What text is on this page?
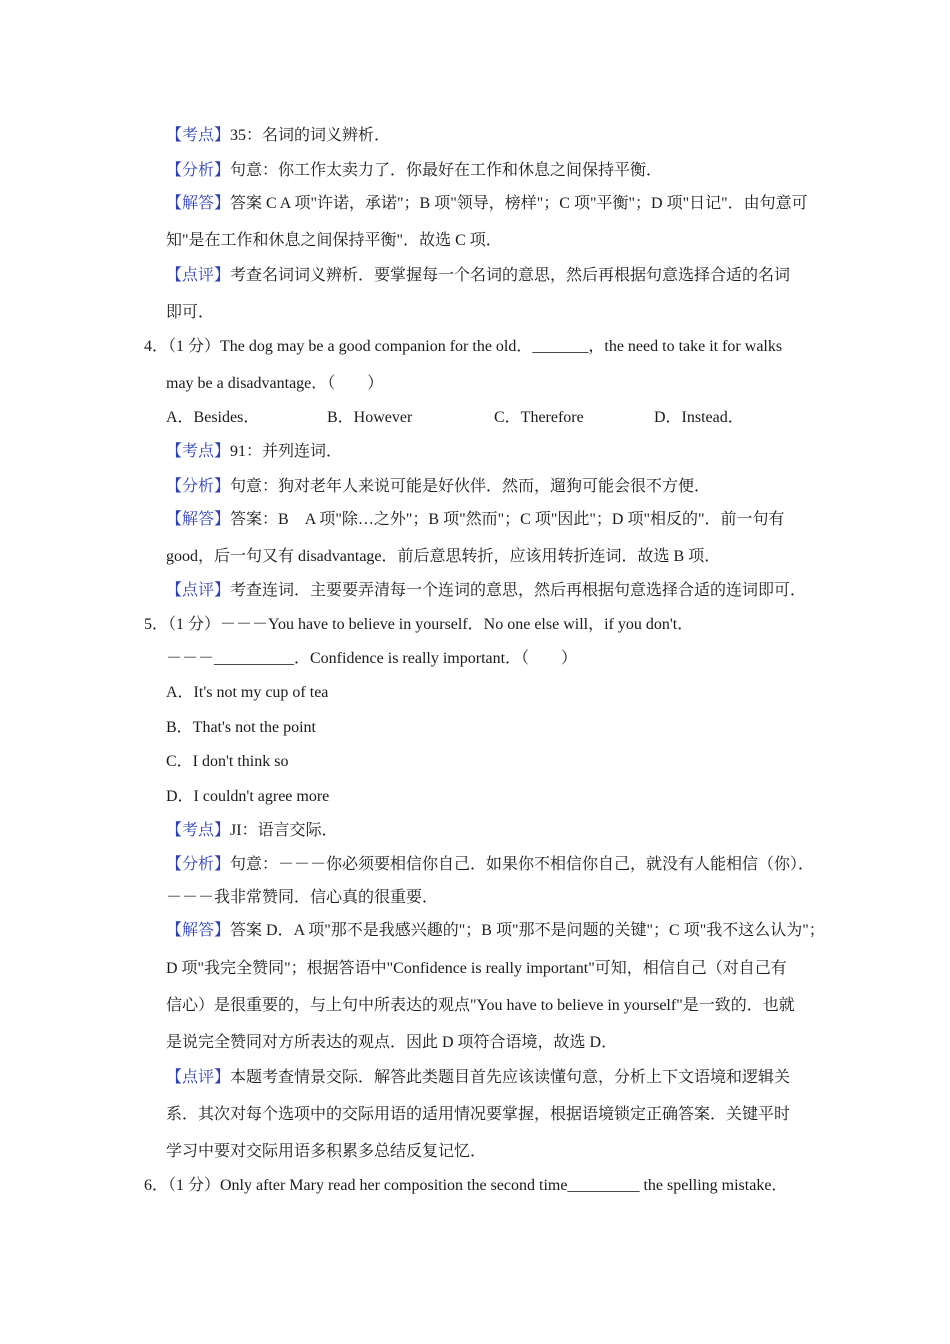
【考点】35：名词的词义辨析．
【分析】句意：你工作太卖力了．你最好在工作和休息之间保持平衡．
【解答】答案 C A 项"许诺，承诺"；B 项"领导，榜样"；C 项"平衡"；D 项"日记"．由句意可
知"是在工作和休息之间保持平衡"．故选 C 项．
【点评】考查名词词义辨析．要掌握每一个名词的意思，然后再根据句意选择合适的名词
即可．
4．（1 分）The dog may be a good companion for the old．_______，the need to take it for walks
may be a disadvantage．（　　）
A．Besides．	B．However	C．Therefore	D．Instead．
【考点】91：并列连词．
【分析】句意：狗对老年人来说可能是好伙伴．然而，遛狗可能会很不方便．
【解答】答案：B　A 项"除…之外"；B 项"然而"；C 项"因此"；D 项"相反的"．前一句有
good，后一句又有 disadvantage．前后意思转折，应该用转折连词．故选 B 项．
【点评】考查连词．主要要弄清每一个连词的意思，然后再根据句意选择合适的连词即可．
5．（1 分）－－－You have to believe in yourself．No one else will，if you don't．
－－－__________．Confidence is really important．（　　）
A．It's not my cup of tea
B．That's not the point
C．I don't think so
D．I couldn't agree more
【考点】JI：语言交际．
【分析】句意：－－－你必须要相信你自己．如果你不相信你自己，就没有人能相信（你）．
－－－我非常赞同．信心真的很重要．
【解答】答案 D．A 项"那不是我感兴趣的"；B 项"那不是问题的关键"；C 项"我不这么认为"；
D 项"我完全赞同"；根据答语中"Confidence is really important"可知，相信自己（对自己有
信心）是很重要的，与上句中所表达的观点"You have to believe in yourself"是一致的．也就
是说完全赞同对方所表达的观点．因此 D 项符合语境，故选 D．
【点评】本题考查情景交际．解答此类题目首先应该读懂句意，分析上下文语境和逻辑关
系．其次对每个选项中的交际用语的适用情况要掌握，根据语境锁定正确答案．关键平时
学习中要对交际用语多积累多总结反复记忆．
6．（1 分）Only after Mary read her composition the second time_________ the spelling mistake．
